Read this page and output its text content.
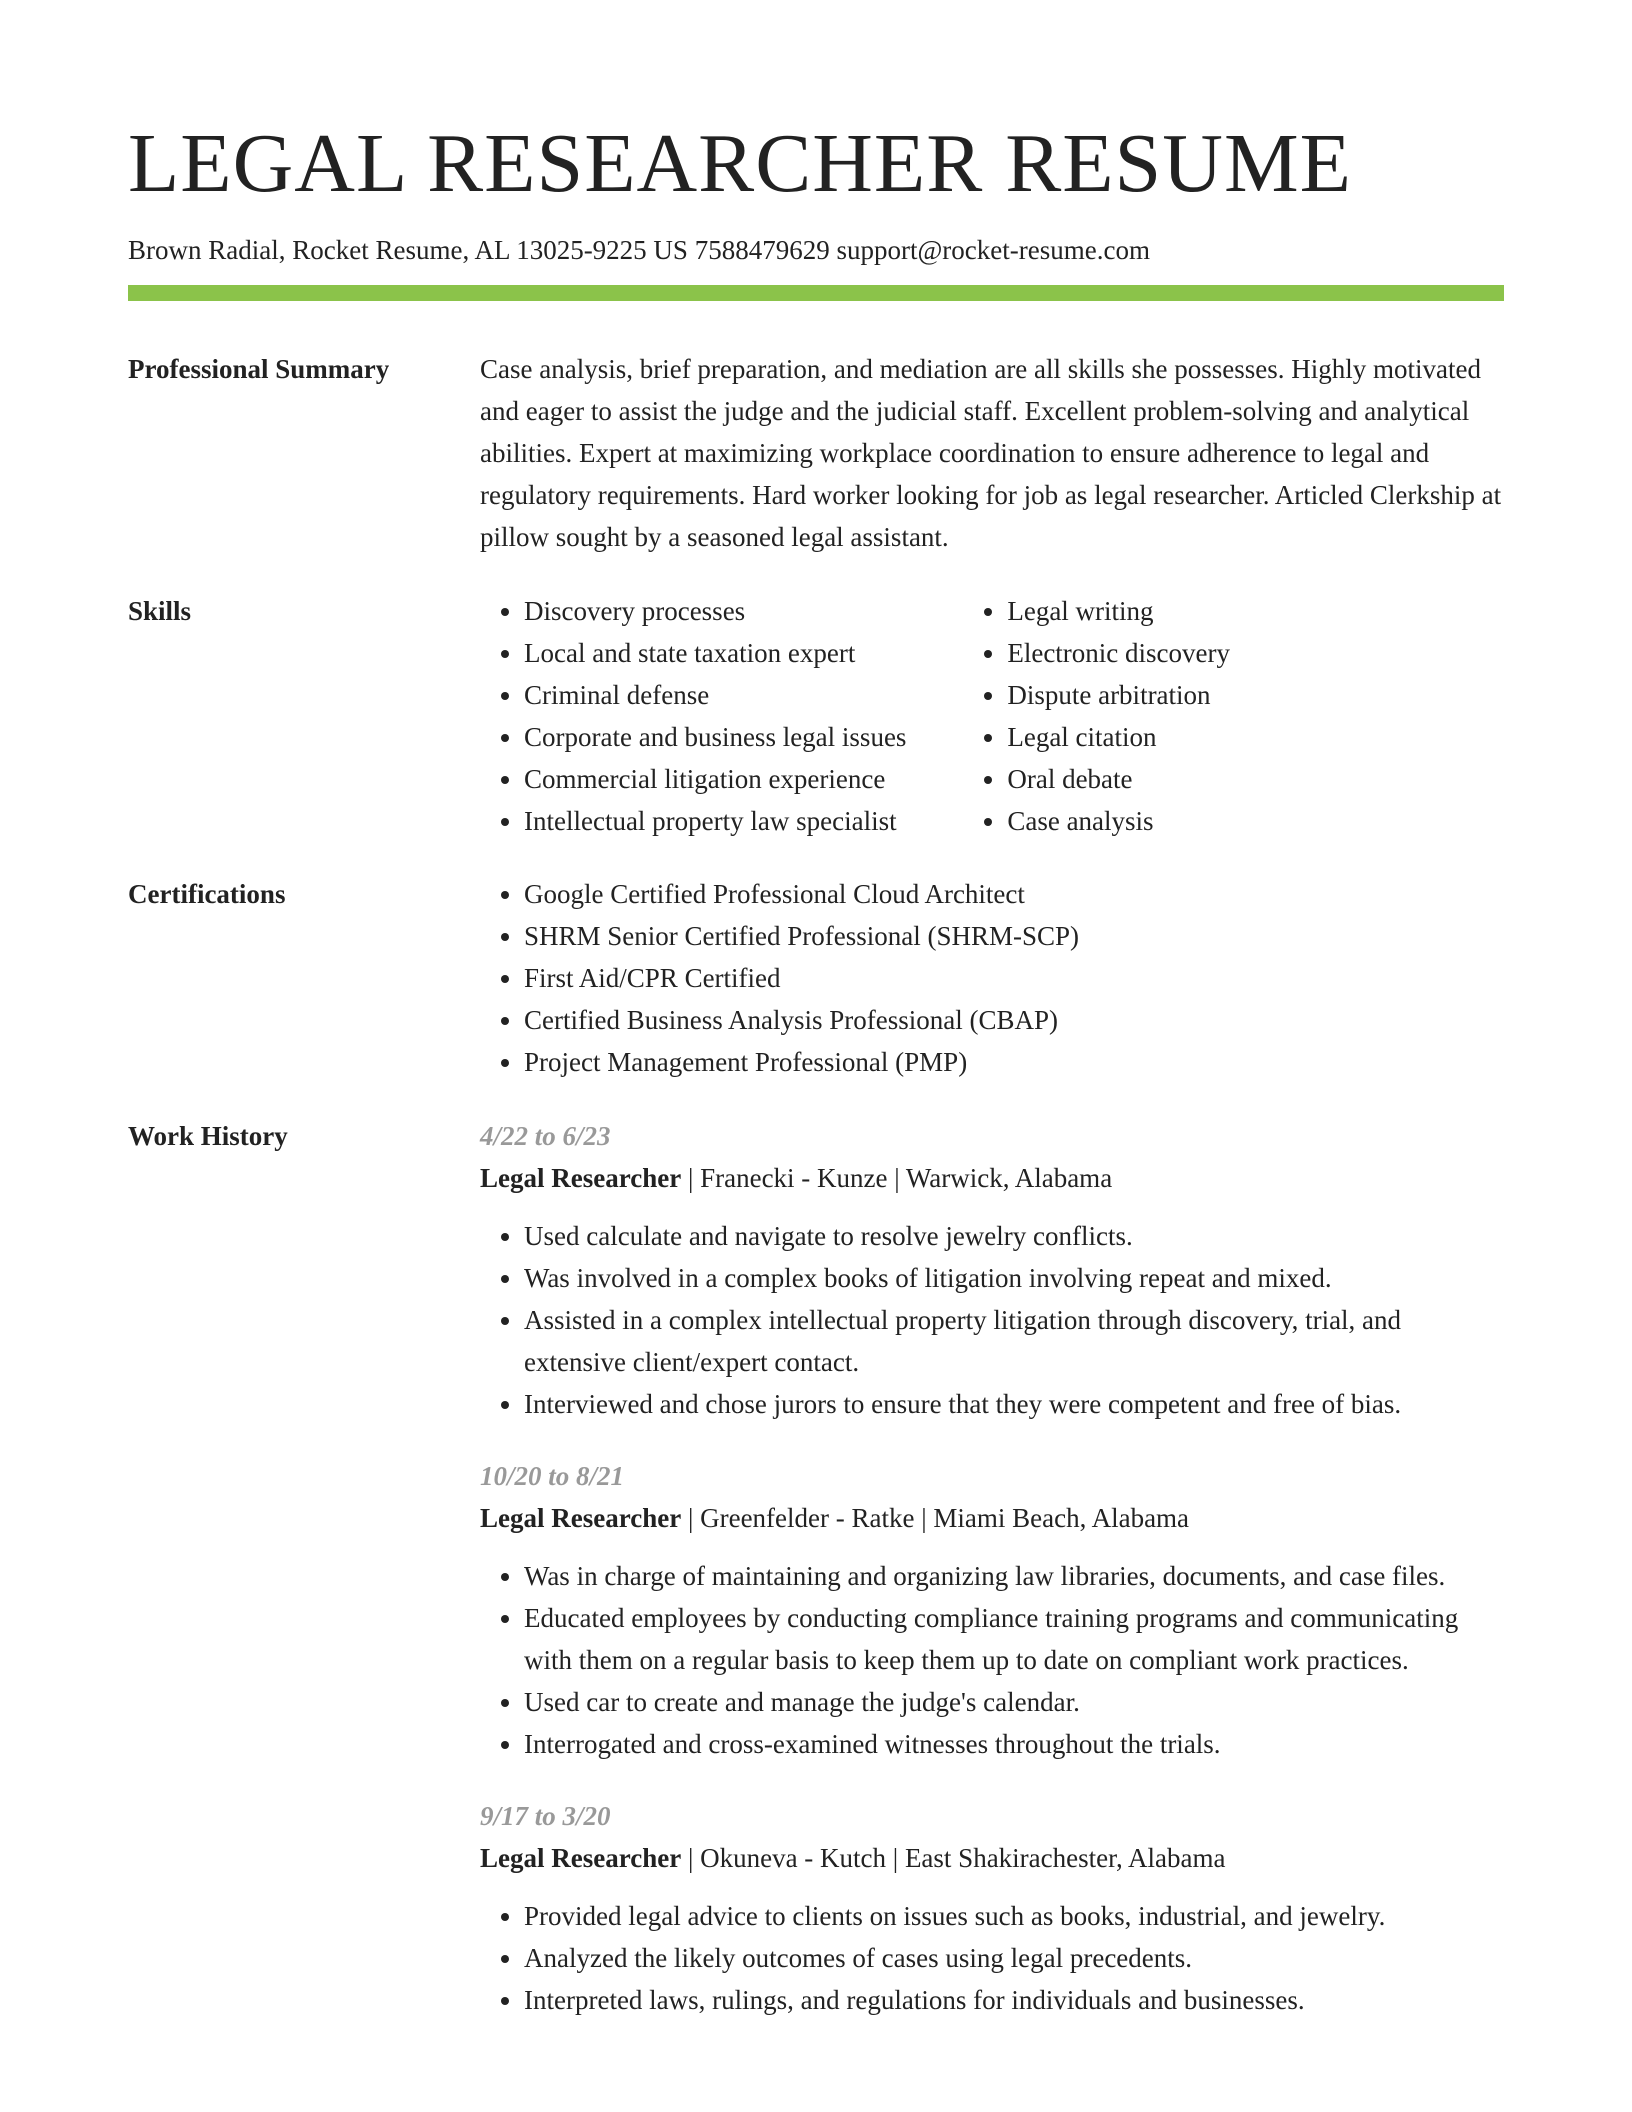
LEGAL RESEARCHER RESUME
Brown Radial, Rocket Resume, AL 13025-9225 US 7588479629 support@rocket-resume.com
Professional Summary	Case analysis, brief preparation, and mediation are all skills she possesses. Highly motivated and eager to assist the judge and the judicial staff. Excellent problem-solving and analytical abilities. Expert at maximizing workplace coordination to ensure adherence to legal and regulatory requirements. Hard worker looking for job as legal researcher. Articled Clerkship at pillow sought by a seasoned legal assistant.

Skills	• Discovery processes
• Local and state taxation expert
• Criminal defense
• Corporate and business legal issues
• Commercial litigation experience
• Intellectual property law specialist
• Legal writing
• Electronic discovery
• Dispute arbitration
• Legal citation
• Oral debate
• Case analysis
Certifications	• Google Certified Professional Cloud Architect
• SHRM Senior Certified Professional (SHRM-SCP)
• First Aid/CPR Certified
• Certified Business Analysis Professional (CBAP)
• Project Management Professional (PMP)
Work History	4/22 to 6/23

Legal Researcher | Franecki - Kunze | Warwick, Alabama

• Used calculate and navigate to resolve jewelry conflicts.
• Was involved in a complex books of litigation involving repeat and mixed.
• Assisted in a complex intellectual property litigation through discovery, trial, and extensive client/expert contact.
• Interviewed and chose jurors to ensure that they were competent and free of bias.

10/20 to 8/21

Legal Researcher | Greenfelder - Ratke | Miami Beach, Alabama

• Was in charge of maintaining and organizing law libraries, documents, and case files.
• Educated employees by conducting compliance training programs and communicating with them on a regular basis to keep them up to date on compliant work practices.
• Used car to create and manage the judge's calendar.
• Interrogated and cross-examined witnesses throughout the trials.

9/17 to 3/20

Legal Researcher | Okuneva - Kutch | East Shakirachester, Alabama

• Provided legal advice to clients on issues such as books, industrial, and jewelry.
• Analyzed the likely outcomes of cases using legal precedents.
• Interpreted laws, rulings, and regulations for individuals and businesses.
